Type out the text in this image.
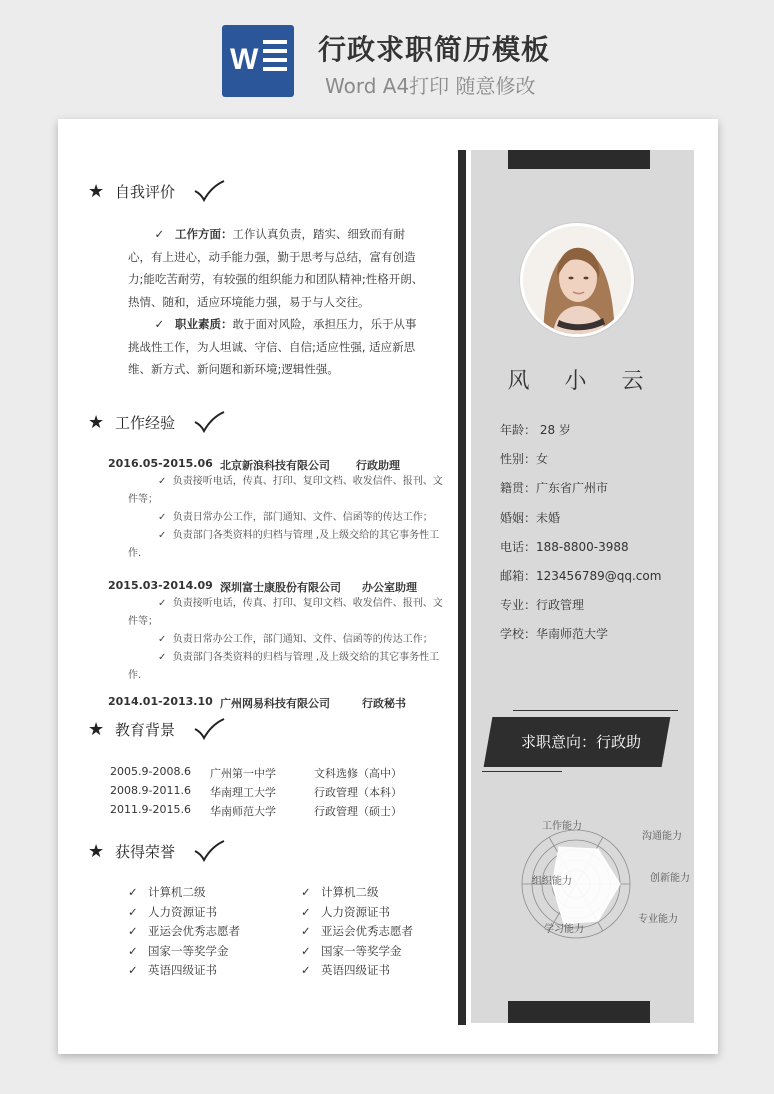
W 行政求职简历模板
Word A4打印 随意修改
风 小 云
年龄： 28 岁
性别：女
籍贯：广东省广州市
婚姻：未婚
电话：188-8800-3988
邮箱：123456789@qq.com
专业：行政管理
学校：华南师范大学
求职意向：行政助
工作能力
沟通能力
创新能力
专业能力
学习能力
组织能力
★ 自我评价
✓   工作方面：工作认真负责，踏实、细致而有耐心，有上进心，动手能力强，勤于思考与总结，富有创造力;能吃苦耐劳，有较强的组织能力和团队精神;性格开朗、热情、随和，适应环境能力强，易于与人交往。
✓   职业素质：敢于面对风险，承担压力，乐于从事挑战性工作，为人坦诚、守信、自信;适应性强, 适应新思维、新方式、新问题和新环境;逻辑性强。
★ 工作经验
2016.05-2015.06 北京新浪科技有限公司 行政助理
✓  负责接听电话，传真、打印、复印文档、收发信件、报刊、文件等；
✓  负责日常办公工作，部门通知、文件、信函等的传达工作；
✓  负责部门各类资料的归档与管理 ,及上级交给的其它事务性工作.
2015.03-2014.09 深圳富士康股份有限公司 办公室助理
✓  负责接听电话，传真、打印、复印文档、收发信件、报刊、文件等；
✓  负责日常办公工作，部门通知、文件、信函等的传达工作；
✓  负责部门各类资料的归档与管理 ,及上级交给的其它事务性工作.
2014.01-2013.10 广州网易科技有限公司	行政秘书
★ 教育背景
2005.9-2008.6 广州第一中学	文科选修（高中）
2008.9-2011.6 华南理工大学	行政管理（本科）
2011.9-2015.6 华南师范大学	行政管理（硕士）
★ 获得荣誉
✓ 计算机二级
✓ 人力资源证书
✓ 亚运会优秀志愿者
✓ 国家一等奖学金
✓ 英语四级证书
✓ 计算机二级
✓ 人力资源证书
✓ 亚运会优秀志愿者
✓ 国家一等奖学金
✓ 英语四级证书
